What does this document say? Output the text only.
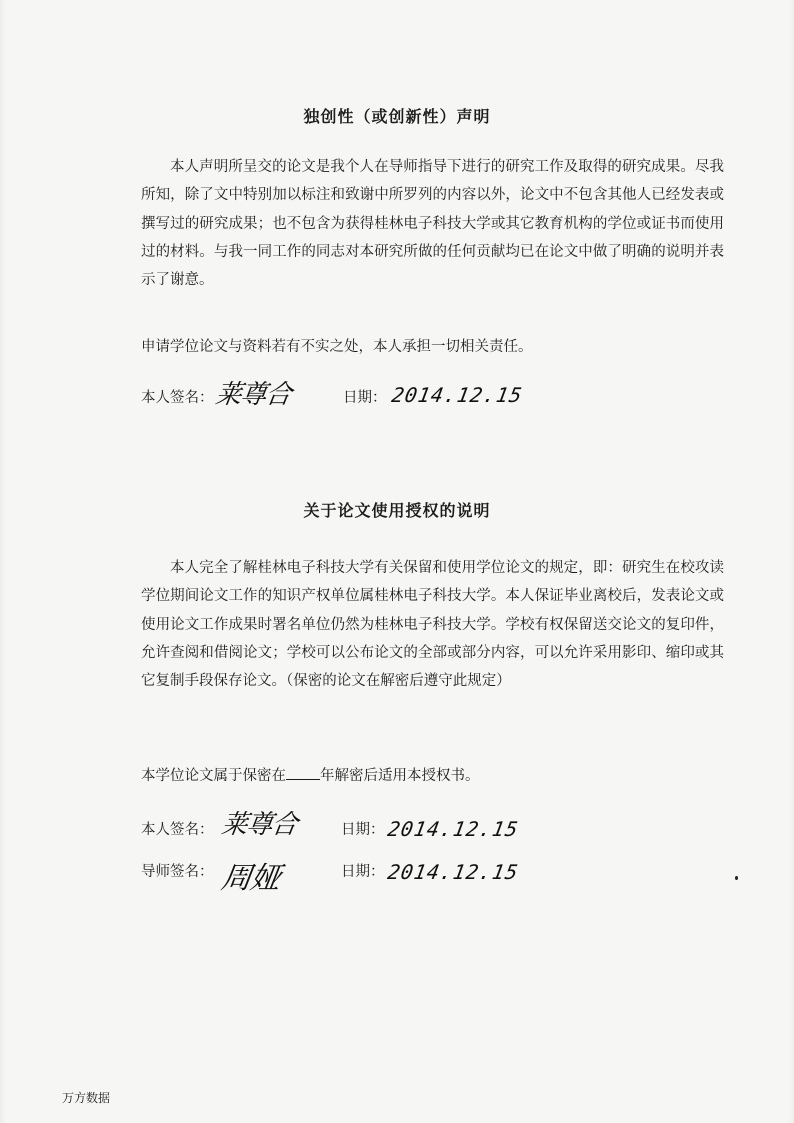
独创性（或创新性）声明
本人声明所呈交的论文是我个人在导师指导下进行的研究工作及取得的研究成果。尽我所知，除了文中特别加以标注和致谢中所罗列的内容以外，论文中不包含其他人已经发表或撰写过的研究成果；也不包含为获得桂林电子科技大学或其它教育机构的学位或证书而使用过的材料。与我一同工作的同志对本研究所做的任何贡献均已在论文中做了明确的说明并表示了谢意。
申请学位论文与资料若有不实之处，本人承担一切相关责任。
本人签名： 莱尊合	日期： 2014.12.15
关于论文使用授权的说明
本人完全了解桂林电子科技大学有关保留和使用学位论文的规定，即：研究生在校攻读学位期间论文工作的知识产权单位属桂林电子科技大学。本人保证毕业离校后，发表论文或使用论文工作成果时署名单位仍然为桂林电子科技大学。学校有权保留送交论文的复印件，允许查阅和借阅论文；学校可以公布论文的全部或部分内容，可以允许采用影印、缩印或其它复制手段保存论文。（保密的论文在解密后遵守此规定）
本学位论文属于保密在 年解密后适用本授权书。
本人签名： 莱尊合	日期： 2014.12.15
导师签名： 周娅	日期： 2014.12.15
万方数据
